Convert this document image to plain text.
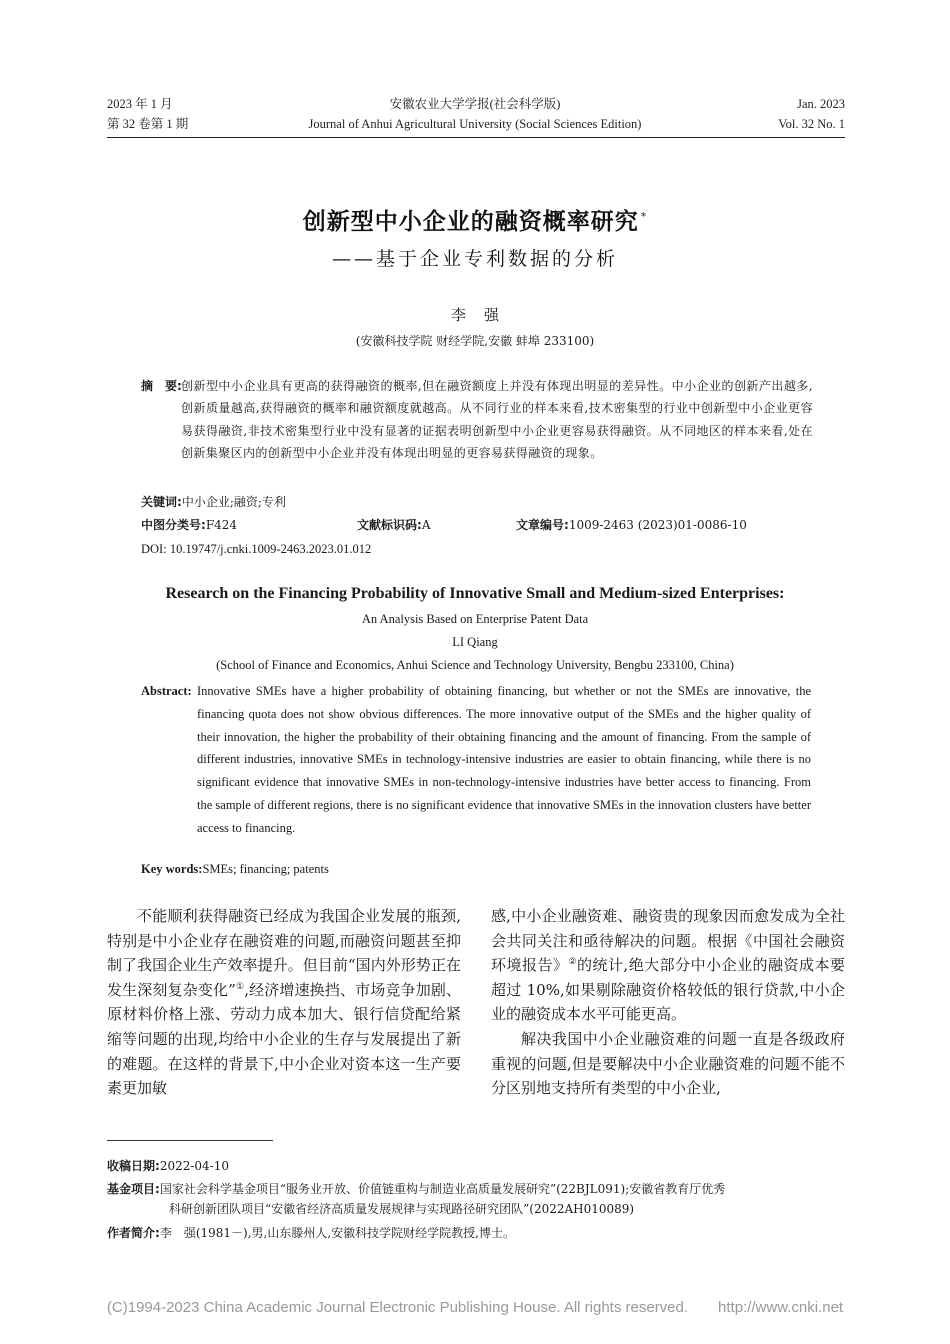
2023 年 1 月
第 32 卷第 1 期
安徽农业大学学报(社会科学版)
Journal of Anhui Agricultural University (Social Sciences Edition)
Jan. 2023
Vol. 32 No. 1
创新型中小企业的融资概率研究 *
——基于企业专利数据的分析
李强
(安徽科技学院 财经学院,安徽 蚌埠 233100)
摘　要: 创新型中小企业具有更高的获得融资的概率,但在融资额度上并没有体现出明显的差异性。中小企业的创新产出越多,创新质量越高,获得融资的概率和融资额度就越高。从不同行业的样本来看,技术密集型的行业中创新型中小企业更容易获得融资,非技术密集型行业中没有显著的证据表明创新型中小企业更容易获得融资。从不同地区的样本来看,处在创新集聚区内的创新型中小企业并没有体现出明显的更容易获得融资的现象。
关键词:中小企业;融资;专利
中图分类号:F424	文献标识码:A	文章编号:1009-2463 (2023)01-0086-10
DOI: 10.19747/j.cnki.1009-2463.2023.01.012
Research on the Financing Probability of Innovative Small and Medium-sized Enterprises:
An Analysis Based on Enterprise Patent Data
LI Qiang
(School of Finance and Economics, Anhui Science and Technology University, Bengbu 233100, China)
Abstract: Innovative SMEs have a higher probability of obtaining financing, but whether or not the SMEs are innovative, the financing quota does not show obvious differences. The more innovative output of the SMEs and the higher quality of their innovation, the higher the probability of their obtaining financing and the amount of financing. From the sample of different industries, innovative SMEs in technology-intensive industries are easier to obtain financing, while there is no significant evidence that innovative SMEs in non-technology-intensive industries have better access to financing. From the sample of different regions, there is no significant evidence that innovative SMEs in the innovation clusters have better access to financing.
Key words:SMEs; financing; patents

不能顺利获得融资已经成为我国企业发展的瓶颈,特别是中小企业存在融资难的问题,而融资问题甚至抑制了我国企业生产效率提升。但目前“国内外形势正在发生深刻复杂变化”①,经济增速换挡、市场竞争加剧、原材料价格上涨、劳动力成本加大、银行信贷配给紧缩等问题的出现,均给中小企业的生存与发展提出了新的难题。在这样的背景下,中小企业对资本这一生产要素更加敏

感,中小企业融资难、融资贵的现象因而愈发成为全社会共同关注和亟待解决的问题。根据《中国社会融资环境报告》②的统计,绝大部分中小企业的融资成本要超过 10%,如果剔除融资价格较低的银行贷款,中小企业的融资成本水平可能更高。

解决我国中小企业融资难的问题一直是各级政府重视的问题,但是要解决中小企业融资难的问题不能不分区别地支持所有类型的中小企业,

收稿日期:2022-04-10
基金项目:国家社会科学基金项目“服务业开放、价值链重构与制造业高质量发展研究”(22BJL091);安徽省教育厅优秀
科研创新团队项目“安徽省经济高质量发展规律与实现路径研究团队”(2022AH010089)
作者简介:李　强(1981－),男,山东滕州人,安徽科技学院财经学院教授,博士。
(C)1994-2023 China Academic Journal Electronic Publishing House. All rights reserved.　　http://www.cnki.net
